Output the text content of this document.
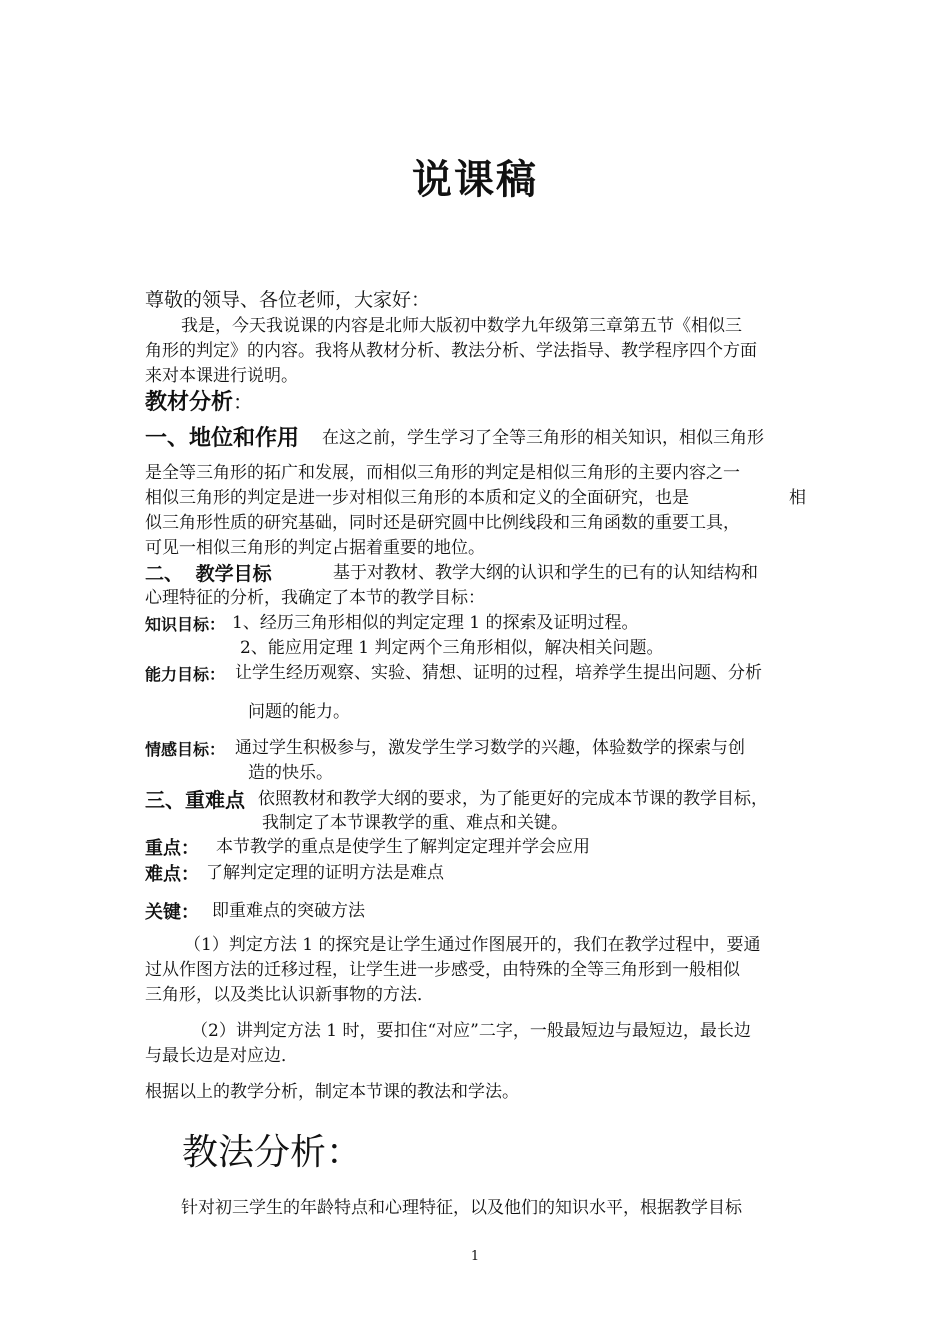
说课稿
尊敬的领导、各位老师，大家好：
我是，今天我说课的内容是北师大版初中数学九年级第三章第五节《相似三
角形的判定》的内容。我将从教材分析、教法分析、学法指导、教学程序四个方面
来对本课进行说明。
教材分析：
一、地位和作用 在这之前，学生学习了全等三角形的相关知识，相似三角形
是全等三角形的拓广和发展，而相似三角形的判定是相似三角形的主要内容之一
相似三角形的判定是进一步对相似三角形的本质和定义的全面研究，也是	相
似三角形性质的研究基础，同时还是研究圆中比例线段和三角函数的重要工具，
可见一相似三角形的判定占据着重要的地位。
二、 教学目标	基于对教材、教学大纲的认识和学生的已有的认知结构和
心理特征的分析，我确定了本节的教学目标：
知识目标： 1、经历三角形相似的判定定理 1 的探索及证明过程。
2、能应用定理 1 判定两个三角形相似，解决相关问题。
能力目标： 让学生经历观察、实验、猜想、证明的过程，培养学生提出问题、分析
问题的能力。
情感目标： 通过学生积极参与，激发学生学习数学的兴趣，体验数学的探索与创
造的快乐。
三、重难点 依照教材和教学大纲的要求，为了能更好的完成本节课的教学目标，
我制定了本节课教学的重、难点和关键。
重点： 本节教学的重点是使学生了解判定定理并学会应用
难点： 了解判定定理的证明方法是难点
关键： 即重难点的突破方法
（1）判定方法 1 的探究是让学生通过作图展开的，我们在教学过程中，要通
过从作图方法的迁移过程，让学生进一步感受，由特殊的全等三角形到一般相似
三角形，以及类比认识新事物的方法．
（2）讲判定方法 1 时，要扣住“对应”二字，一般最短边与最短边，最长边
与最长边是对应边．
根据以上的教学分析，制定本节课的教法和学法。
教法分析：
针对初三学生的年龄特点和心理特征，以及他们的知识水平，根据教学目标
1
